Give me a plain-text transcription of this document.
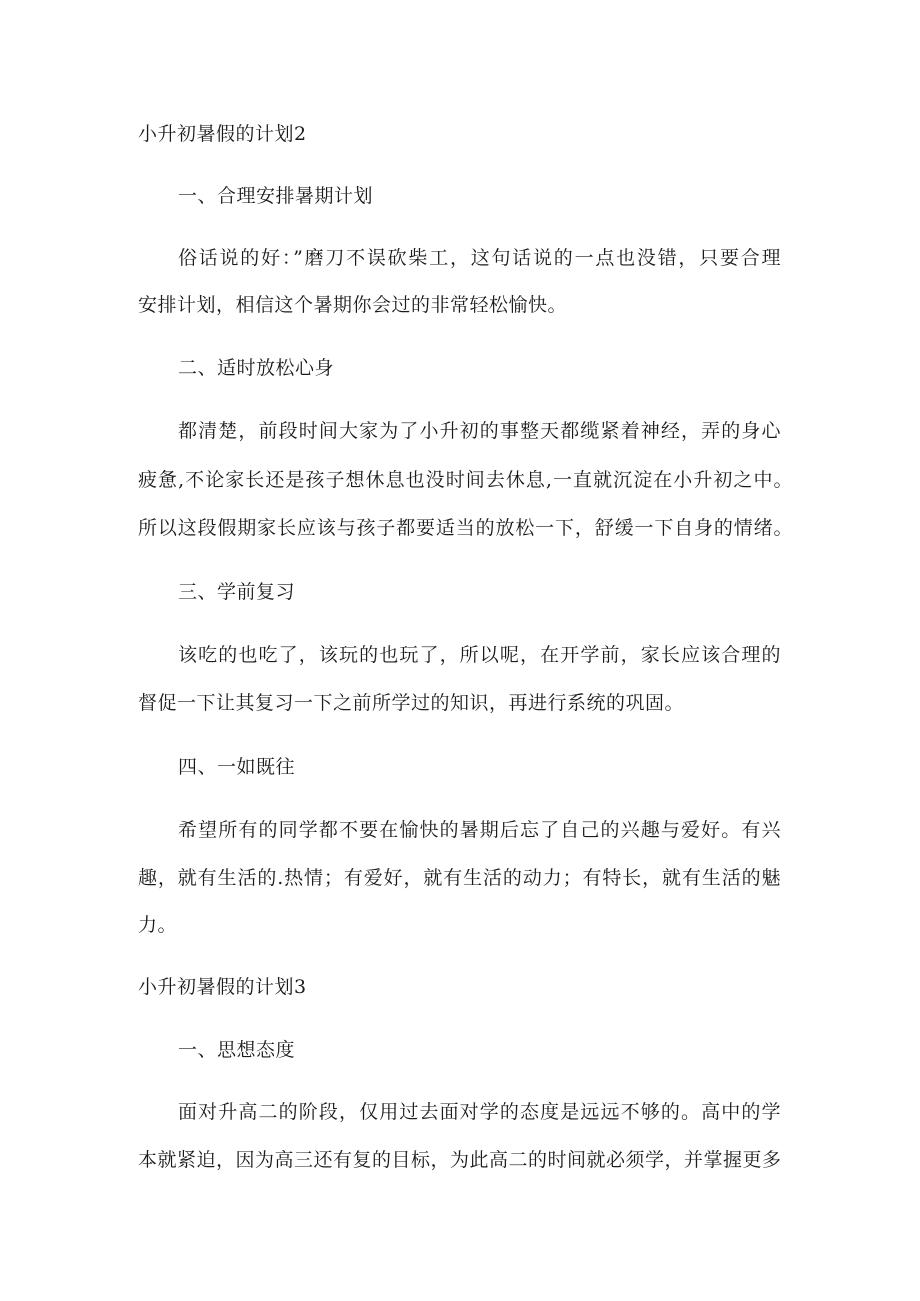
小升初暑假的计划2
一、合理安排暑期计划
俗话说的好：”磨刀不误砍柴工，这句话说的一点也没错，只要合理
安排计划，相信这个暑期你会过的非常轻松愉快。
二、适时放松心身
都清楚，前段时间大家为了小升初的事整天都缆紧着神经，弄的身心
疲惫,不论家长还是孩子想休息也没时间去休息,一直就沉淀在小升初之中。
所以这段假期家长应该与孩子都要适当的放松一下，舒缓一下自身的情绪。
三、学前复习
该吃的也吃了，该玩的也玩了，所以呢，在开学前，家长应该合理的
督促一下让其复习一下之前所学过的知识，再进行系统的巩固。
四、一如既往
希望所有的同学都不要在愉快的暑期后忘了自己的兴趣与爱好。有兴
趣，就有生活的.热情；有爱好，就有生活的动力；有特长，就有生活的魅
力。
小升初暑假的计划3
一、思想态度
面对升高二的阶段，仅用过去面对学的态度是远远不够的。高中的学
本就紧迫，因为高三还有复的目标，为此高二的时间就必须学，并掌握更多
